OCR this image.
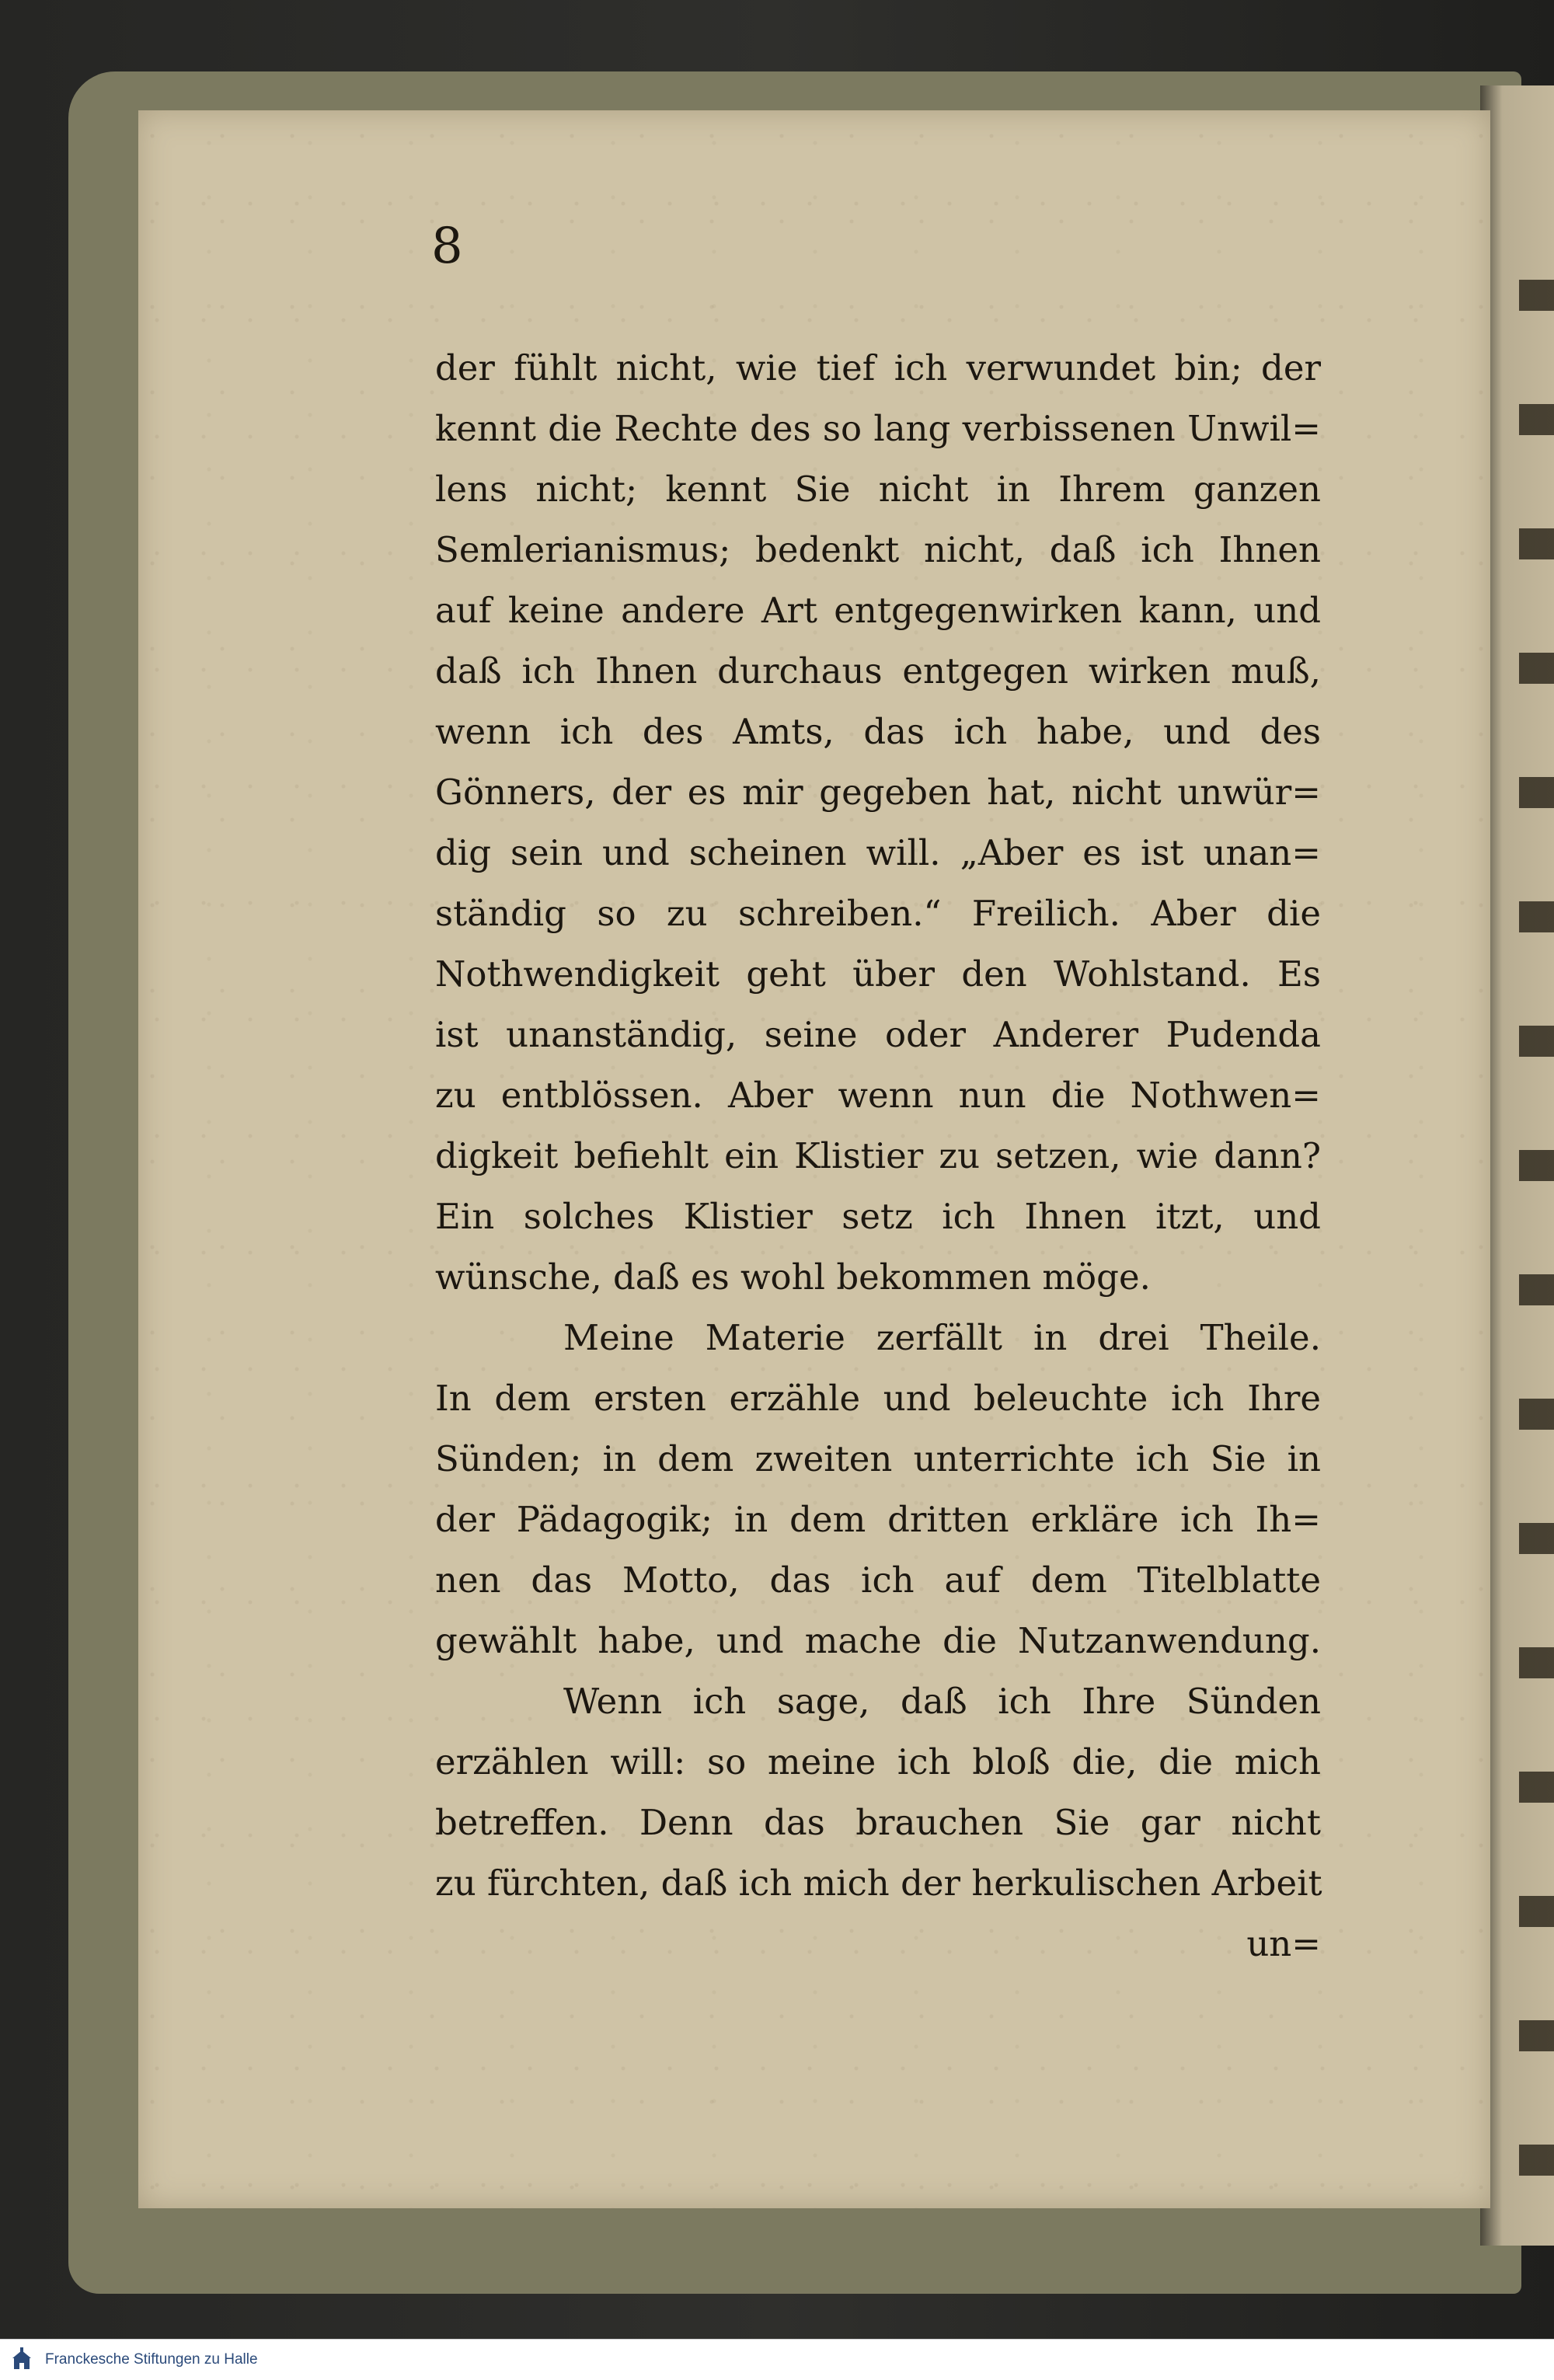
8
der fühlt nicht, wie tief ich verwundet bin; der
kennt die Rechte des so lang verbissenen Unwil=
lens nicht; kennt Sie nicht in Ihrem ganzen
Semlerianismus; bedenkt nicht, daß ich Ihnen
auf keine andere Art entgegenwirken kann, und
daß ich Ihnen durchaus entgegen wirken muß,
wenn ich des Amts, das ich habe, und des
Gönners, der es mir gegeben hat, nicht unwür=
dig sein und scheinen will. „Aber es ist unan=
ständig so zu schreiben.“ Freilich. Aber die
Nothwendigkeit geht über den Wohlstand. Es
ist unanständig, seine oder Anderer Pudenda
zu entblössen. Aber wenn nun die Nothwen=
digkeit befiehlt ein Klistier zu setzen, wie dann?
Ein solches Klistier setz ich Ihnen itzt, und
wünsche, daß es wohl bekommen möge.
Meine Materie zerfällt in drei Theile.
In dem ersten erzähle und beleuchte ich Ihre
Sünden; in dem zweiten unterrichte ich Sie in
der Pädagogik; in dem dritten erkläre ich Ih=
nen das Motto, das ich auf dem Titelblatte
gewählt habe, und mache die Nutzanwendung.
Wenn ich sage, daß ich Ihre Sünden
erzählen will: so meine ich bloß die, die mich
betreffen. Denn das brauchen Sie gar nicht
zu fürchten, daß ich mich der herkulischen Arbeit
un=
Franckesche Stiftungen zu Halle
